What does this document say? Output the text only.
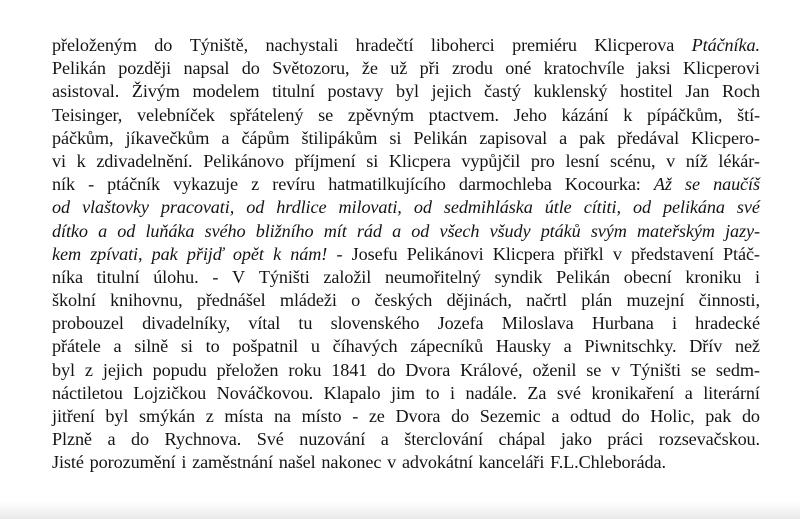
přeloženým do Týniště, nachystali hradečtí liboherci premiéru Klicperova Ptáčníka.
Pelikán později napsal do Světozoru, že už při zrodu oné kratochvíle jaksi Klicperovi
asistoval. Živým modelem titulní postavy byl jejich častý kuklenský hostitel Jan Roch
Teisinger, velebníček spřátelený se zpěvným ptactvem. Jeho kázání k pípáčkům, ští-
páčkům, jíkavečkům a čápům štilipákům si Pelikán zapisoval a pak předával Klicpero-
vi k zdivadelnění. Pelikánovo příjmení si Klicpera vypůjčil pro lesní scénu, v níž lékár-
ník - ptáčník vykazuje z revíru hatmatilkujícího darmochleba Kocourka: Až se naučíš
od vlaštovky pracovati, od hrdlice milovati, od sedmihláska útle cítiti, od pelikána své
dítko a od luňáka svého bližního mít rád a od všech všudy ptáků svým mateřským jazy-
kem zpívati, pak přijď opět k nám! - Josefu Pelikánovi Klicpera přiřkl v představení Ptáč-
níka titulní úlohu. - V Týništi založil neumořitelný syndik Pelikán obecní kroniku i
školní knihovnu, přednášel mládeži o českých dějinách, načrtl plán muzejní činnosti,
probouzel divadelníky, vítal tu slovenského Jozefa Miloslava Hurbana i hradecké
přátele a silně si to pošpatnil u číhavých zápecníků Hausky a Piwnitschky. Dřív než
byl z jejich popudu přeložen roku 1841 do Dvora Králové, oženil se v Týništi se sedm-
náctiletou Lojzičkou Nováčkovou. Klapalo jim to i nadále. Za své kronikaření a literární
jitření byl smýkán z místa na místo - ze Dvora do Sezemic a odtud do Holic, pak do
Plzně a do Rychnova. Své nuzování a šterclování chápal jako práci rozsevačskou.
Jisté porozumění i zaměstnání našel nakonec v advokátní kanceláři F.L.Chleboráda.
